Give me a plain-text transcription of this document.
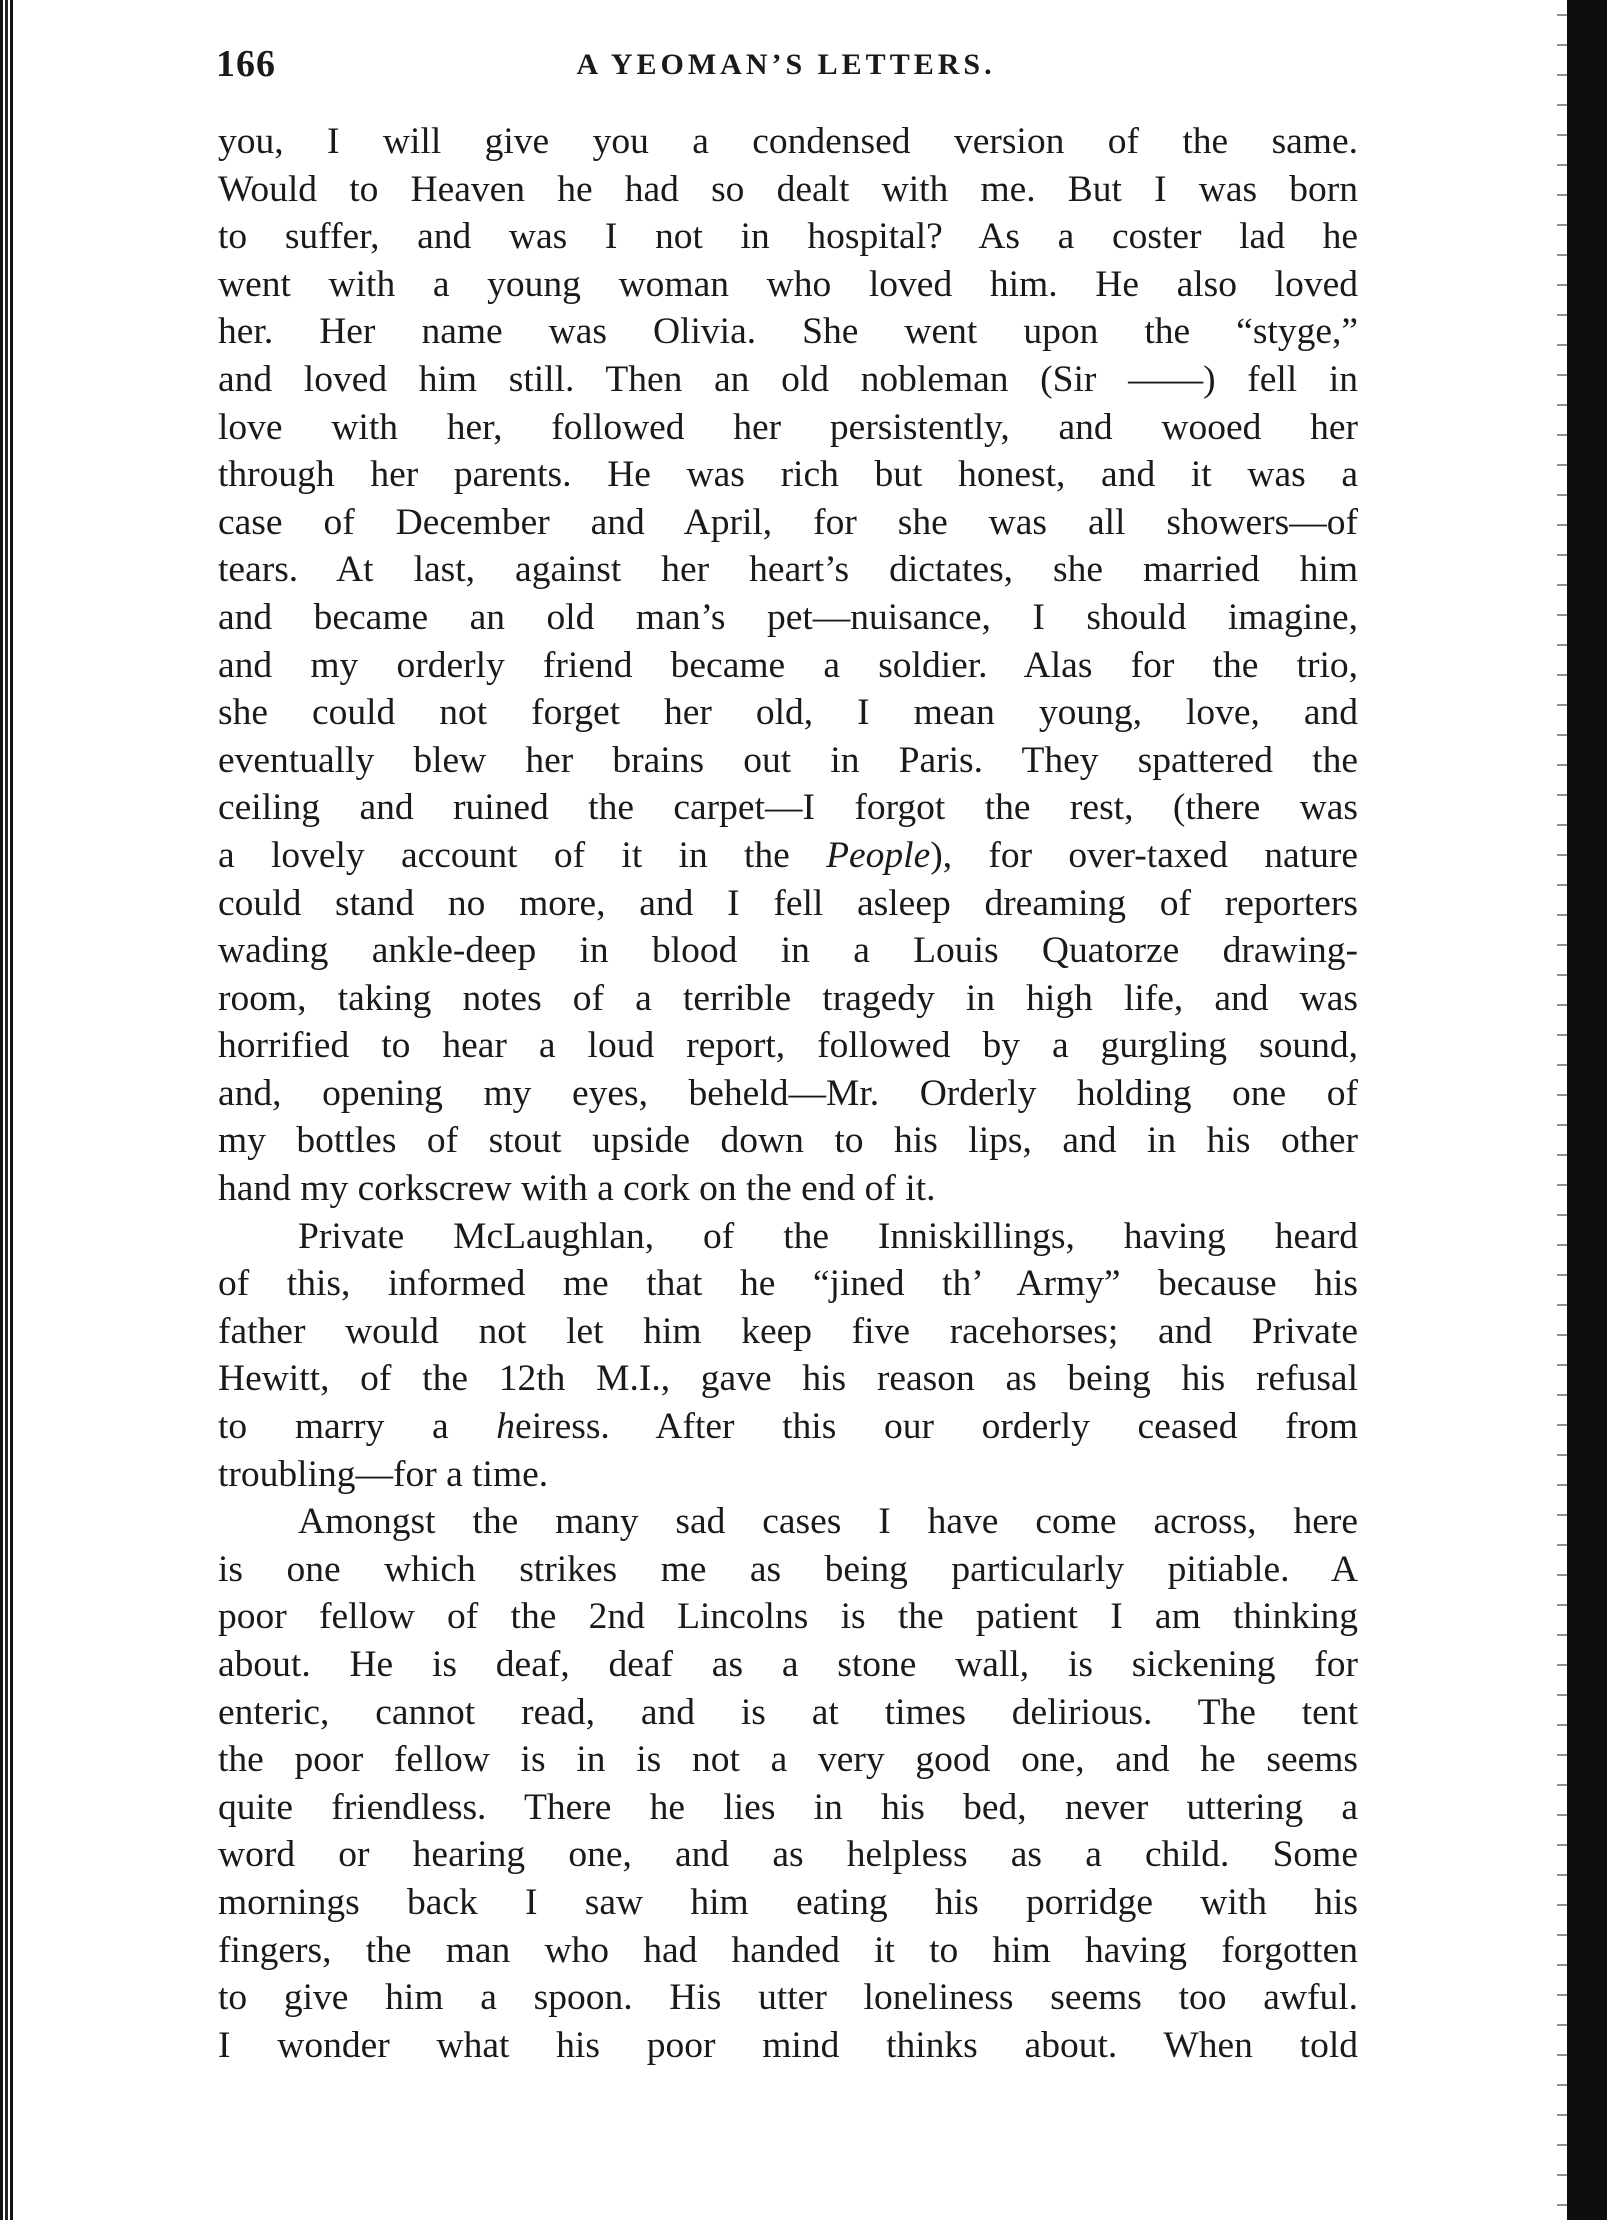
166	A YEOMAN’S LETTERS.
you, I will give you a condensed version of the same.
Would to Heaven he had so dealt with me. But I was born
to suffer, and was I not in hospital? As a coster lad he
went with a young woman who loved him. He also loved
her. Her name was Olivia. She went upon the “styge,”
and loved him still. Then an old nobleman (Sir ——) fell in
love with her, followed her persistently, and wooed her
through her parents. He was rich but honest, and it was a
case of December and April, for she was all showers—of
tears. At last, against her heart’s dictates, she married him
and became an old man’s pet—nuisance, I should imagine,
and my orderly friend became a soldier. Alas for the trio,
she could not forget her old, I mean young, love, and
eventually blew her brains out in Paris. They spattered the
ceiling and ruined the carpet—I forgot the rest, (there was
a lovely account of it in the People), for over-taxed nature
could stand no more, and I fell asleep dreaming of reporters
wading ankle-deep in blood in a Louis Quatorze drawing-
room, taking notes of a terrible tragedy in high life, and was
horrified to hear a loud report, followed by a gurgling sound,
and, opening my eyes, beheld—Mr. Orderly holding one of
my bottles of stout upside down to his lips, and in his other
hand my corkscrew with a cork on the end of it.
Private McLaughlan, of the Inniskillings, having heard
of this, informed me that he “jined th’ Army” because his
father would not let him keep five racehorses; and Private
Hewitt, of the 12th M.I., gave his reason as being his refusal
to marry a heiress. After this our orderly ceased from
troubling—for a time.
Amongst the many sad cases I have come across, here
is one which strikes me as being particularly pitiable. A
poor fellow of the 2nd Lincolns is the patient I am thinking
about. He is deaf, deaf as a stone wall, is sickening for
enteric, cannot read, and is at times delirious. The tent
the poor fellow is in is not a very good one, and he seems
quite friendless. There he lies in his bed, never uttering a
word or hearing one, and as helpless as a child. Some
mornings back I saw him eating his porridge with his
fingers, the man who had handed it to him having forgotten
to give him a spoon. His utter loneliness seems too awful.
I wonder what his poor mind thinks about. When told
